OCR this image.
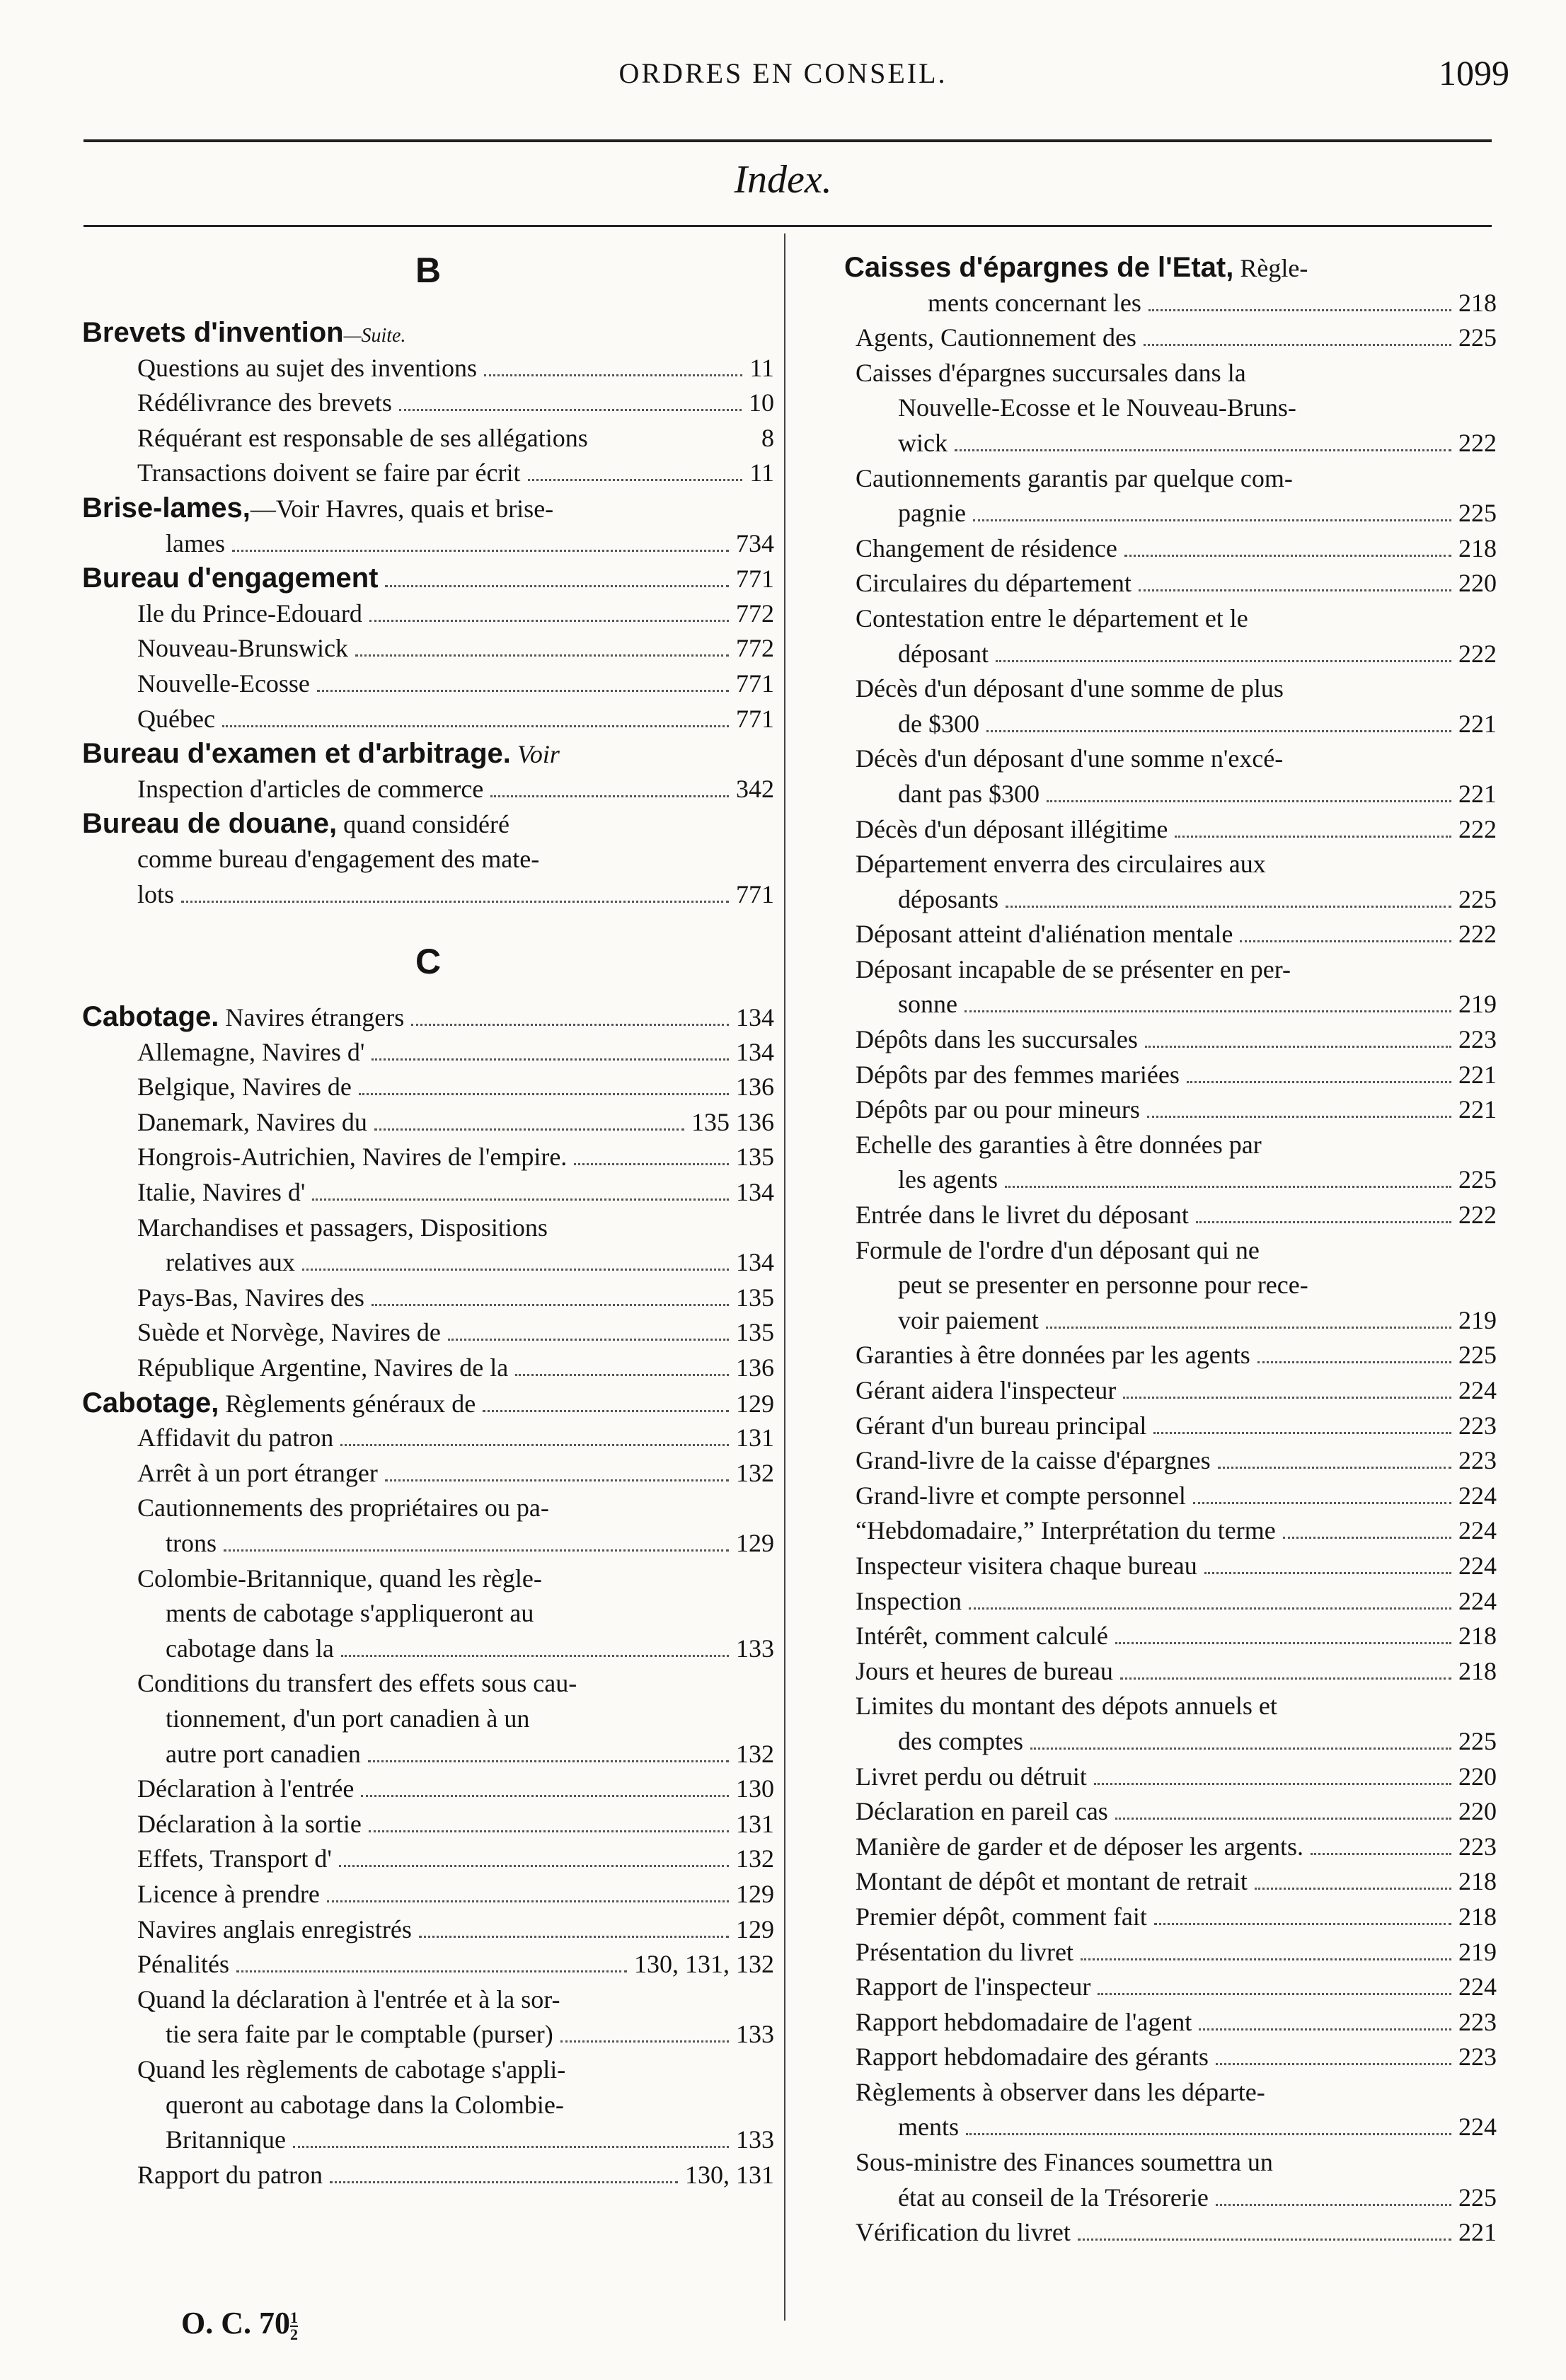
ORDRES EN CONSEIL.	1099
Index.
B
Brevets d'invention—Suite.
Questions au sujet des inventions	11
Rédélivrance des brevets	10
Réquérant est responsable de ses allégations	8
Transactions doivent se faire par écrit	11
Brise-lames,—Voir Havres, quais et brise-
lames	734
Bureau d'engagement	771
Ile du Prince-Edouard	772
Nouveau-Brunswick	772
Nouvelle-Ecosse	771
Québec	771
Bureau d'examen et d'arbitrage. Voir
Inspection d'articles de commerce	342
Bureau de douane, quand considéré
comme bureau d'engagement des mate-
lots	771
C
Cabotage. Navires étrangers	134
Allemagne, Navires d'	134
Belgique, Navires de	136
Danemark, Navires du	135 136
Hongrois-Autrichien, Navires de l'empire.	135
Italie, Navires d'	134
Marchandises et passagers, Dispositions
relatives aux	134
Pays-Bas, Navires des	135
Suède et Norvège, Navires de	135
République Argentine, Navires de la	136
Cabotage, Règlements généraux de	129
Affidavit du patron	131
Arrêt à un port étranger	132
Cautionnements des propriétaires ou pa-
trons	129
Colombie-Britannique, quand les règle-
ments de cabotage s'appliqueront au
cabotage dans la	133
Conditions du transfert des effets sous cau-
tionnement, d'un port canadien à un
autre port canadien	132
Déclaration à l'entrée	130
Déclaration à la sortie	131
Effets, Transport d'	132
Licence à prendre	129
Navires anglais enregistrés	129
Pénalités	130, 131, 132
Quand la déclaration à l'entrée et à la sor-
tie sera faite par le comptable (purser)	133
Quand les règlements de cabotage s'appli-
queront au cabotage dans la Colombie-
Britannique	133
Rapport du patron	130, 131
Caisses d'épargnes de l'Etat, Règle-
ments concernant les	218
Agents, Cautionnement des	225
Caisses d'épargnes succursales dans la
Nouvelle-Ecosse et le Nouveau-Bruns-
wick	222
Cautionnements garantis par quelque com-
pagnie	225
Changement de résidence	218
Circulaires du département	220
Contestation entre le département et le
déposant	222
Décès d'un déposant d'une somme de plus
de $300	221
Décès d'un déposant d'une somme n'excé-
dant pas $300	221
Décès d'un déposant illégitime	222
Département enverra des circulaires aux
déposants	225
Déposant atteint d'aliénation mentale	222
Déposant incapable de se présenter en per-
sonne	219
Dépôts dans les succursales	223
Dépôts par des femmes mariées	221
Dépôts par ou pour mineurs	221
Echelle des garanties à être données par
les agents	225
Entrée dans le livret du déposant	222
Formule de l'ordre d'un déposant qui ne
peut se presenter en personne pour rece-
voir paiement	219
Garanties à être données par les agents	225
Gérant aidera l'inspecteur	224
Gérant d'un bureau principal	223
Grand-livre de la caisse d'épargnes	223
Grand-livre et compte personnel	224
“Hebdomadaire,” Interprétation du terme	224
Inspecteur visitera chaque bureau	224
Inspection	224
Intérêt, comment calculé	218
Jours et heures de bureau	218
Limites du montant des dépots annuels et
des comptes	225
Livret perdu ou détruit	220
Déclaration en pareil cas	220
Manière de garder et de déposer les argents.	223
Montant de dépôt et montant de retrait	218
Premier dépôt, comment fait	218
Présentation du livret	219
Rapport de l'inspecteur	224
Rapport hebdomadaire de l'agent	223
Rapport hebdomadaire des gérants	223
Règlements à observer dans les départe-
ments	224
Sous-ministre des Finances soumettra un
état au conseil de la Trésorerie	225
Vérification du livret	221
O. C. $70 \frac{1}{2}$
